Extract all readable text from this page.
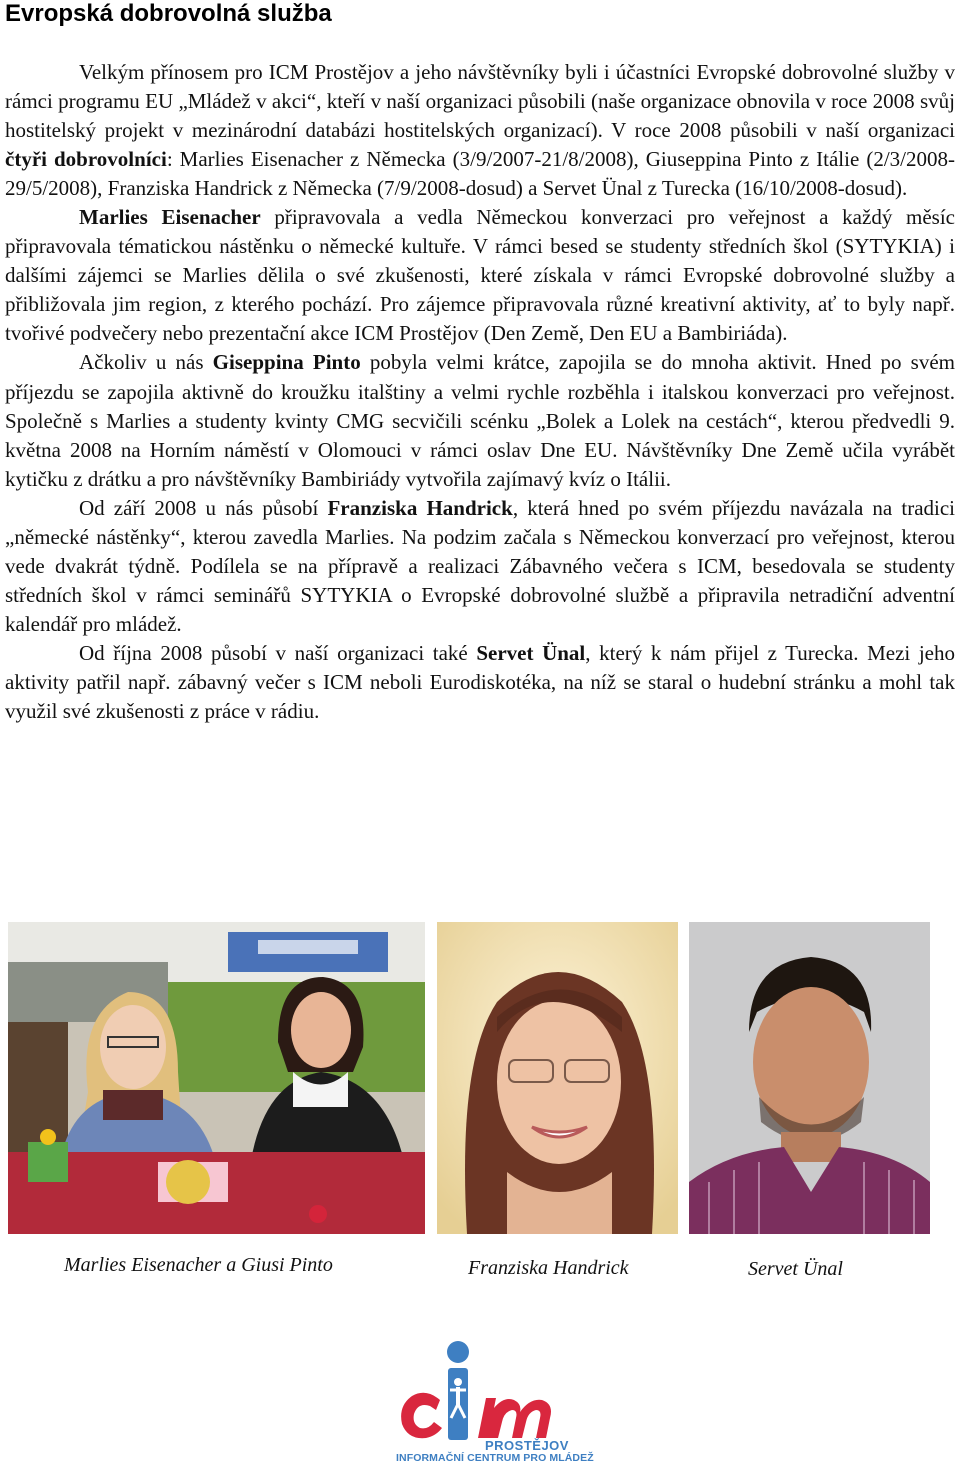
Evropská dobrovolná služba

Velkým přínosem pro ICM Prostějov a jeho návštěvníky byli i účastníci Evropské dobrovolné služby v rámci programu EU „Mládež v akci“, kteří v naší organizaci působili (naše organizace obnovila v roce 2008 svůj hostitelský projekt v mezinárodní databázi hostitelských organizací). V roce 2008 působili v naší organizaci čtyři dobrovolníci: Marlies Eisenacher z Německa (3/9/2007-21/8/2008), Giuseppina Pinto z Itálie (2/3/2008-29/5/2008), Franziska Handrick z Německa (7/9/2008-dosud) a Servet Ünal z Turecka (16/10/2008-dosud).

Marlies Eisenacher připravovala a vedla Německou konverzaci pro veřejnost a každý měsíc připravovala tématickou nástěnku o německé kultuře. V rámci besed se studenty středních škol (SYTYKIA) i dalšími zájemci se Marlies dělila o své zkušenosti, které získala v rámci Evropské dobrovolné služby a přibližovala jim region, z kterého pochází. Pro zájemce připravovala různé kreativní aktivity, ať to byly např. tvořivé podvečery nebo prezentační akce ICM Prostějov (Den Země, Den EU a Bambiriáda).

Ačkoliv u nás Giseppina Pinto pobyla velmi krátce, zapojila se do mnoha aktivit. Hned po svém příjezdu se zapojila aktivně do kroužku italštiny a velmi rychle rozběhla i italskou konverzaci pro veřejnost. Společně s Marlies a studenty kvinty CMG secvičili scénku „Bolek a Lolek na cestách“, kterou předvedli 9. května 2008 na Horním náměstí v Olomouci v rámci oslav Dne EU. Návštěvníky Dne Země učila vyrábět kytičku z drátku a pro návštěvníky Bambiriády vytvořila zajímavý kvíz o Itálii.

Od září 2008 u nás působí Franziska Handrick, která hned po svém příjezdu navázala na tradici „německé nástěnky“, kterou zavedla Marlies. Na podzim začala s Německou konverzací pro veřejnost, kterou vede dvakrát týdně. Podílela se na přípravě a realizaci Zábavného večera s ICM, besedovala se studenty středních škol v rámci seminářů SYTYKIA o Evropské dobrovolné službě a připravila netradiční adventní kalendář pro mládež.

Od října 2008 působí v naší organizaci také Servet Ünal, který k nám přijel z Turecka. Mezi jeho aktivity patřil např. zábavný večer s ICM neboli Eurodiskotéka, na níž se staral o hudební stránku a mohl tak využil své zkušenosti z práce v rádiu.

Marlies Eisenacher a Giusi Pinto	Franziska Handrick	Servet Ünal
PROSTĚJOV
INFORMAČNÍ CENTRUM PRO MLÁDEŽ
